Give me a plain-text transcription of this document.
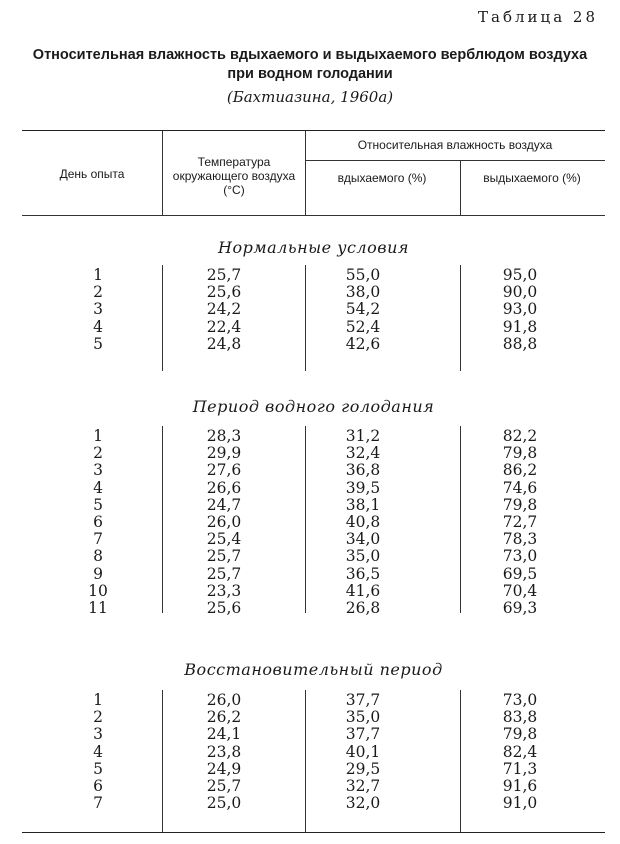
Таблица 28
Относительная влажность вдыхаемого и выдыхаемого верблюдом воздуха при водном голодании
(Бахтиазина, 1960а)
День опыта
Температура окружающего воздуха (°С)
Относительная влажность воздуха
вдыхаемого (%)	выдыхаемого (%)
Нормальные условия
1	25,7	55,0	95,0
2	25,6	38,0	90,0
3	24,2	54,2	93,0
4	22,4	52,4	91,8
5	24,8	42,6	88,8
Период водного голодания
1	28,3	31,2	82,2
2	29,9	32,4	79,8
3	27,6	36,8	86,2
4	26,6	39,5	74,6
5	24,7	38,1	79,8
6	26,0	40,8	72,7
7	25,4	34,0	78,3
8	25,7	35,0	73,0
9	25,7	36,5	69,5
10	23,3	41,6	70,4
11	25,6	26,8	69,3
Восстановительный период
1	26,0	37,7	73,0
2	26,2	35,0	83,8
3	24,1	37,7	79,8
4	23,8	40,1	82,4
5	24,9	29,5	71,3
6	25,7	32,7	91,6
7	25,0	32,0	91,0
